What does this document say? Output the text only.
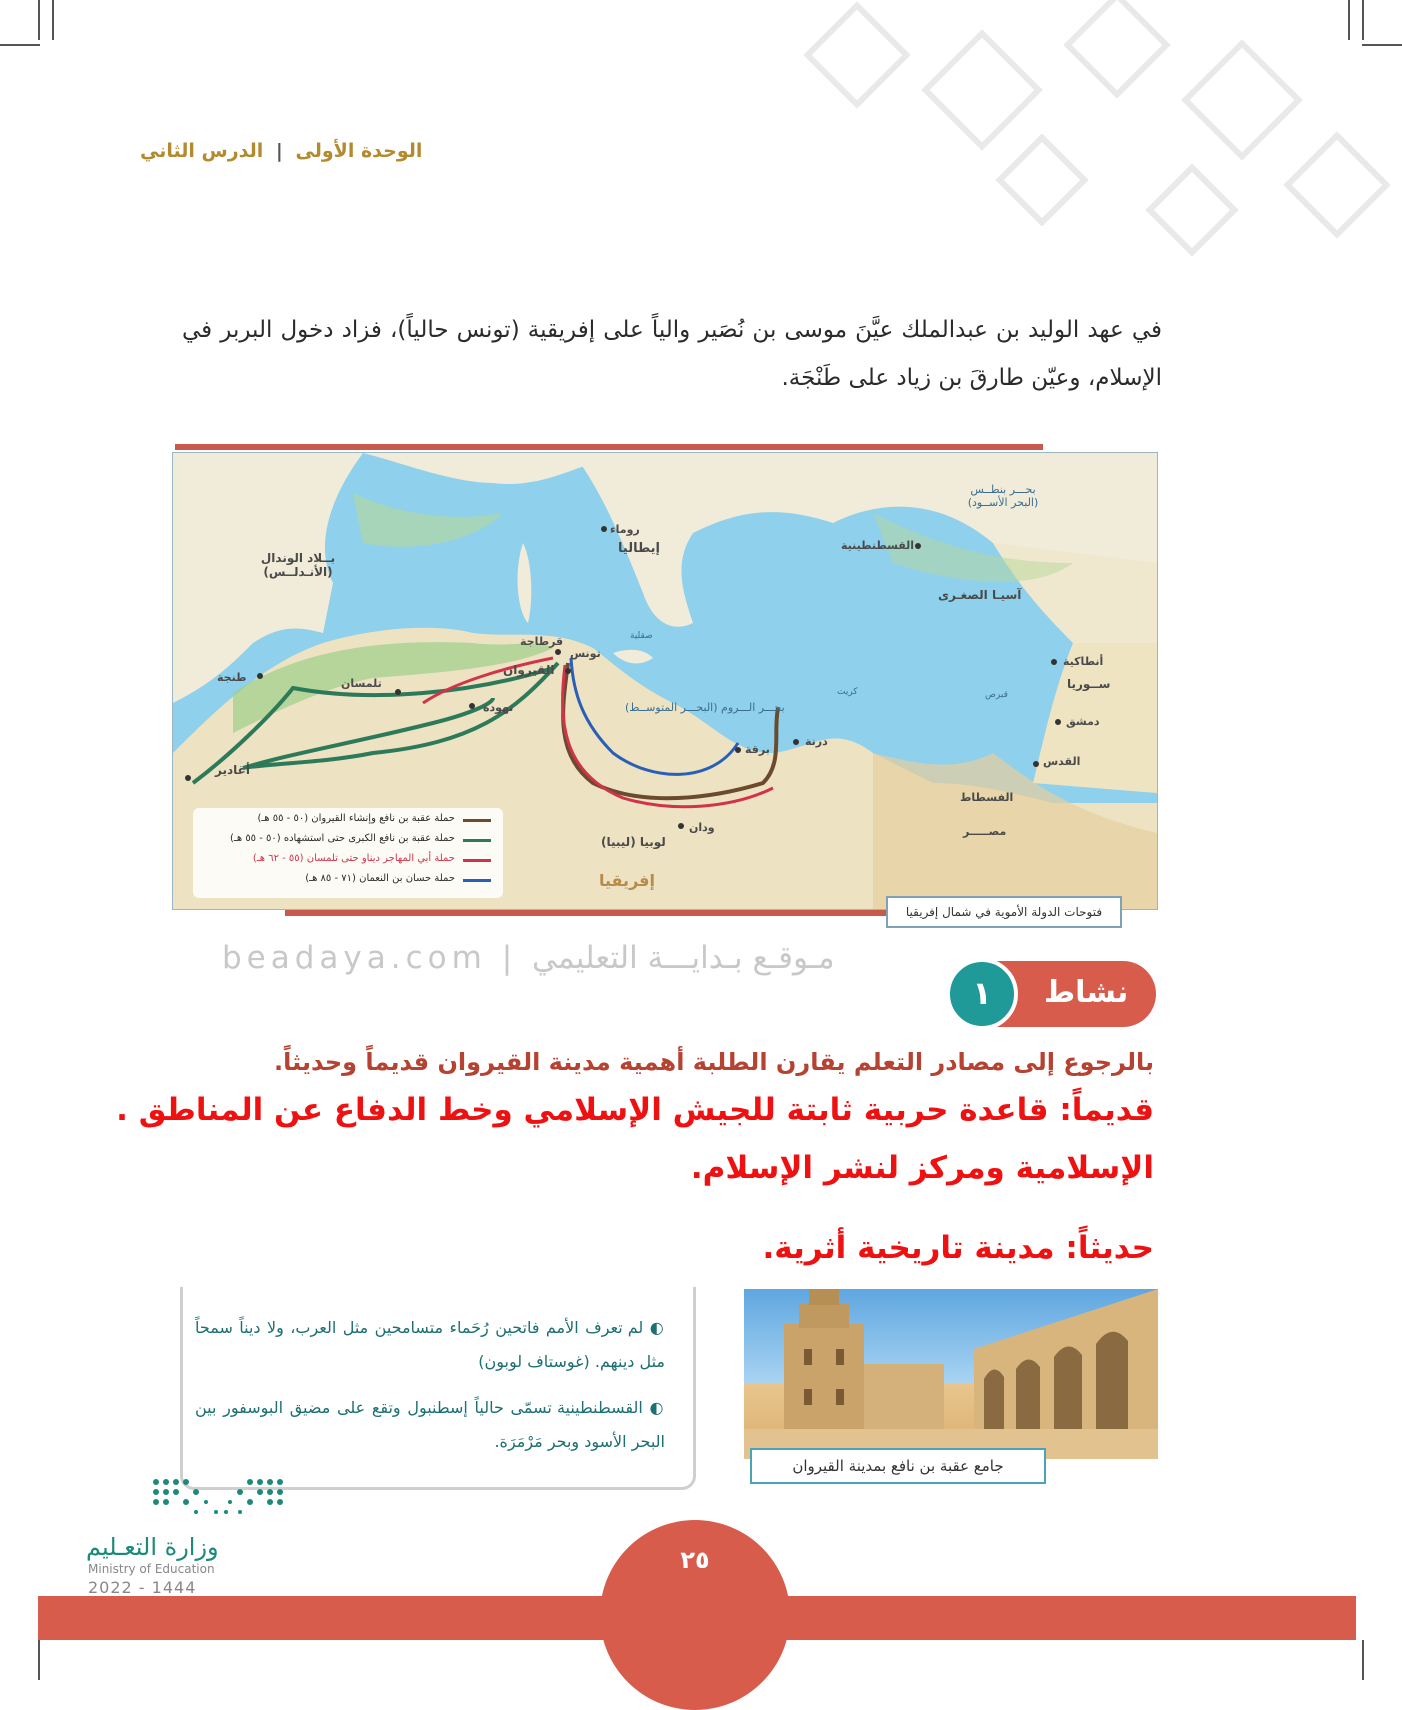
الوحدة الأولى | الدرس الثاني
في عهد الوليد بن عبدالملك عيَّنَ موسى بن نُصَير والياً على إفريقية (تونس حالياً)، فزاد دخول البربر في الإسلام، وعيّن طارقَ بن زياد على طَنْجَة.
بحـــر بنطــس (البحر الأســود)
روماء
إيطاليا	القسطنطينية
بــلاد الوندال (الأنـدلــس)
آسيـا الصغـرى
صقلية
قرطاجة
تونس
القيروان
طنجة	تلمسان
تهودة
أغادير
كريت
بحـــر الـــروم (البحـــر المتوســط)
قبرص
أنطاكية
ســوريا
دمشق
القدس
درنة
برقة
الفسطاط
مصـــــر
ودان
لوبيا (ليبيا)
إفريقيا
حملة عقبة بن نافع وإنشاء القيروان (٥٠ - ٥٥ هـ)
حملة عقبة بن نافع الكبرى حتى استشهاده (٥٠ - ٥٥ هـ)
حملة أبي المهاجر ديناو حتى تلمسان (٥٥ - ٦٢ هـ)
حملة حسان بن النعمان (٧١ - ٨٥ هـ)
فتوحات الدولة الأموية في شمال إفريقيا
beadaya.com | مـوقـع بـدايـــة التعليمي
نشاط
١
بالرجوع إلى مصادر التعلم يقارن الطلبة أهمية مدينة القيروان قديماً وحديثاً.
قديماً: قاعدة حربية ثابتة للجيش الإسلامي وخط الدفاع عن المناطق .
الإسلامية ومركز لنشر الإسلام.
حديثاً: مدينة تاريخية أثرية.
◐ لم تعرف الأمم فاتحين رُحَماء متسامحين مثل العرب، ولا ديناً سمحاً مثل دينهم. (غوستاف لوبون)
◐ القسطنطينية تسمّى حالياً إسطنبول وتقع على مضيق البوسفور بين البحر الأسود وبحر مَرْمَرَة.
جامع عقبة بن نافع بمدينة القيروان
٢٥
وزارة التعـليم
Ministry of Education
2022 - 1444
